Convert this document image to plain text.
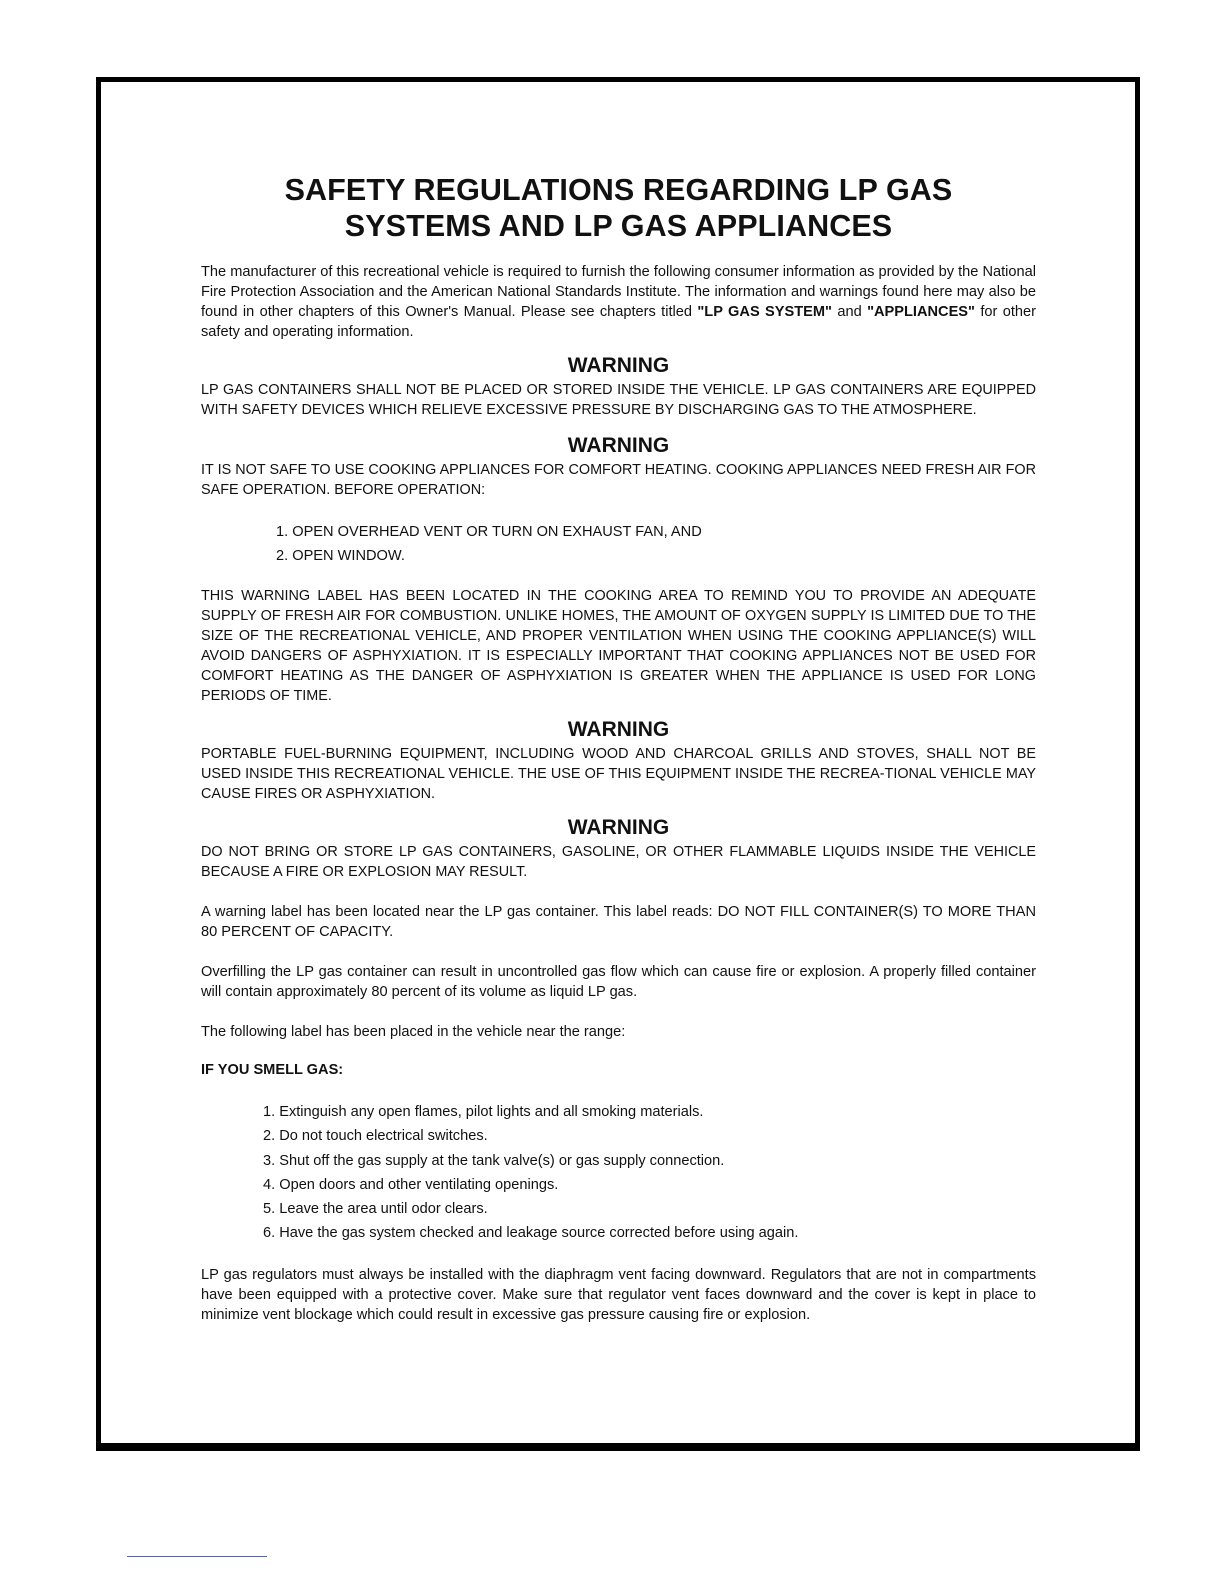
SAFETY REGULATIONS REGARDING LP GAS
SYSTEMS AND LP GAS APPLIANCES

The manufacturer of this recreational vehicle is required to furnish the following consumer information as provided by the National Fire Protection Association and the American National Standards Institute. The information and warnings found here may also be found in other chapters of this Owner's Manual. Please see chapters titled "LP GAS SYSTEM" and "APPLIANCES" for other safety and operating information.

WARNING

LP GAS CONTAINERS SHALL NOT BE PLACED OR STORED INSIDE THE VEHICLE. LP GAS CONTAINERS ARE EQUIPPED WITH SAFETY DEVICES WHICH RELIEVE EXCESSIVE PRESSURE BY DISCHARGING GAS TO THE ATMOSPHERE.

WARNING

IT IS NOT SAFE TO USE COOKING APPLIANCES FOR COMFORT HEATING. COOKING APPLIANCES NEED FRESH AIR FOR SAFE OPERATION. BEFORE OPERATION:

1. OPEN OVERHEAD VENT OR TURN ON EXHAUST FAN, AND
2. OPEN WINDOW.

THIS WARNING LABEL HAS BEEN LOCATED IN THE COOKING AREA TO REMIND YOU TO PROVIDE AN ADEQUATE SUPPLY OF FRESH AIR FOR COMBUSTION. UNLIKE HOMES, THE AMOUNT OF OXYGEN SUPPLY IS LIMITED DUE TO THE SIZE OF THE RECREATIONAL VEHICLE, AND PROPER VENTILATION WHEN USING THE COOKING APPLIANCE(S) WILL AVOID DANGERS OF ASPHYXIATION. IT IS ESPECIALLY IMPORTANT THAT COOKING APPLIANCES NOT BE USED FOR COMFORT HEATING AS THE DANGER OF ASPHYXIATION IS GREATER WHEN THE APPLIANCE IS USED FOR LONG PERIODS OF TIME.

WARNING

PORTABLE FUEL-BURNING EQUIPMENT, INCLUDING WOOD AND CHARCOAL GRILLS AND STOVES, SHALL NOT BE USED INSIDE THIS RECREATIONAL VEHICLE. THE USE OF THIS EQUIPMENT INSIDE THE RECREA-TIONAL VEHICLE MAY CAUSE FIRES OR ASPHYXIATION.

WARNING

DO NOT BRING OR STORE LP GAS CONTAINERS, GASOLINE, OR OTHER FLAMMABLE LIQUIDS INSIDE THE VEHICLE BECAUSE A FIRE OR EXPLOSION MAY RESULT.

A warning label has been located near the LP gas container. This label reads: DO NOT FILL CONTAINER(S) TO MORE THAN 80 PERCENT OF CAPACITY.

Overfilling the LP gas container can result in uncontrolled gas flow which can cause fire or explosion. A properly filled container will contain approximately 80 percent of its volume as liquid LP gas.

The following label has been placed in the vehicle near the range:

IF YOU SMELL GAS:

1. Extinguish any open flames, pilot lights and all smoking materials.
2. Do not touch electrical switches.
3. Shut off the gas supply at the tank valve(s) or gas supply connection.
4. Open doors and other ventilating openings.
5. Leave the area until odor clears.
6. Have the gas system checked and leakage source corrected before using again.

LP gas regulators must always be installed with the diaphragm vent facing downward. Regulators that are not in compartments have been equipped with a protective cover. Make sure that regulator vent faces downward and the cover is kept in place to minimize vent blockage which could result in excessive gas pressure causing fire or explosion.
